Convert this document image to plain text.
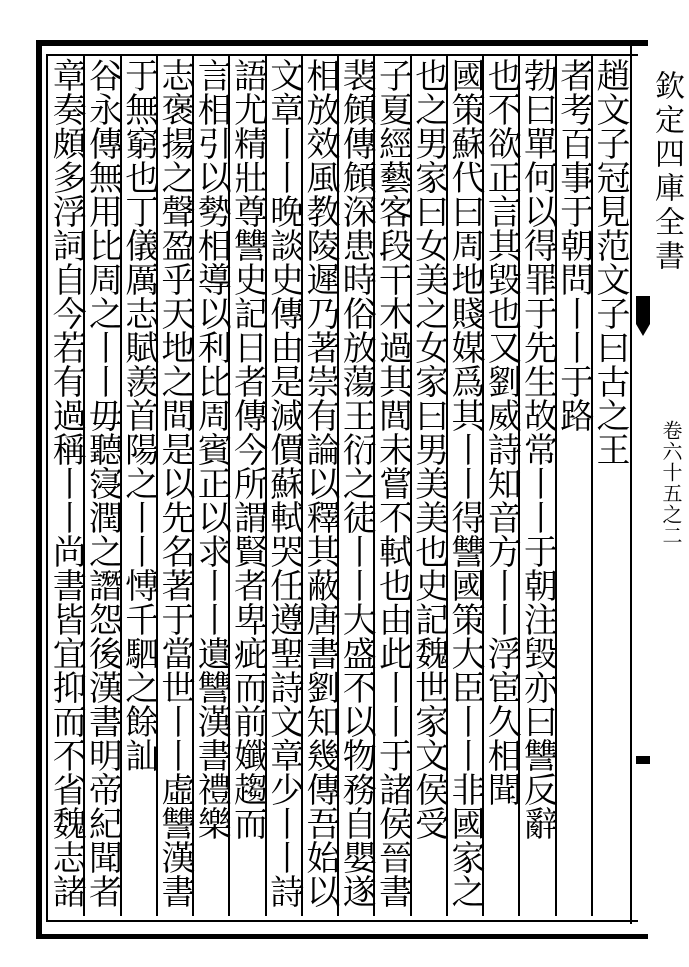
欽定四庫全書
卷六十五之二
趙文子冠見范文子曰古之王
者考百事于朝問丨丨于路
勃曰單何以得罪于先生故常丨丨于朝注毀亦曰讐反辭
也不欲正言其毀也又劉威詩知音方丨丨浮宦久相聞
國策蘇代曰周地賤媒爲其丨丨得讐國策大臣丨丨非國家之
也之男家曰女美之女家曰男美美也史記魏世家文侯受
子夏經藝客段干木過其閭未嘗不軾也由此丨丨于諸侯晉書
裴頠傳頠深患時俗放蕩王衍之徒丨丨大盛不以物務自嬰遂
相放效風教陵遲乃著崇有論以釋其蔽唐書劉知幾傳吾始以
文章丨丨晚談史傳由是減價蘇軾哭任遵聖詩文章少丨丨詩
語尤精壯尊讐史記日者傳今所謂賢者卑疵而前孅趨而
言相引以勢相導以利比周賓正以求丨丨遺讐漢書禮樂
志褒揚之聲盈乎天地之間是以先名著于當世丨丨虛讐漢書
于無窮也丁儀厲志賦羨首陽之丨丨愽千駟之餘訕
谷永傳無用比周之丨丨毋聽寖潤之譖怨後漢書明帝紀聞者
章奏頗多浮詞自今若有過稱丨丨尚書皆宜抑而不省魏志諸
